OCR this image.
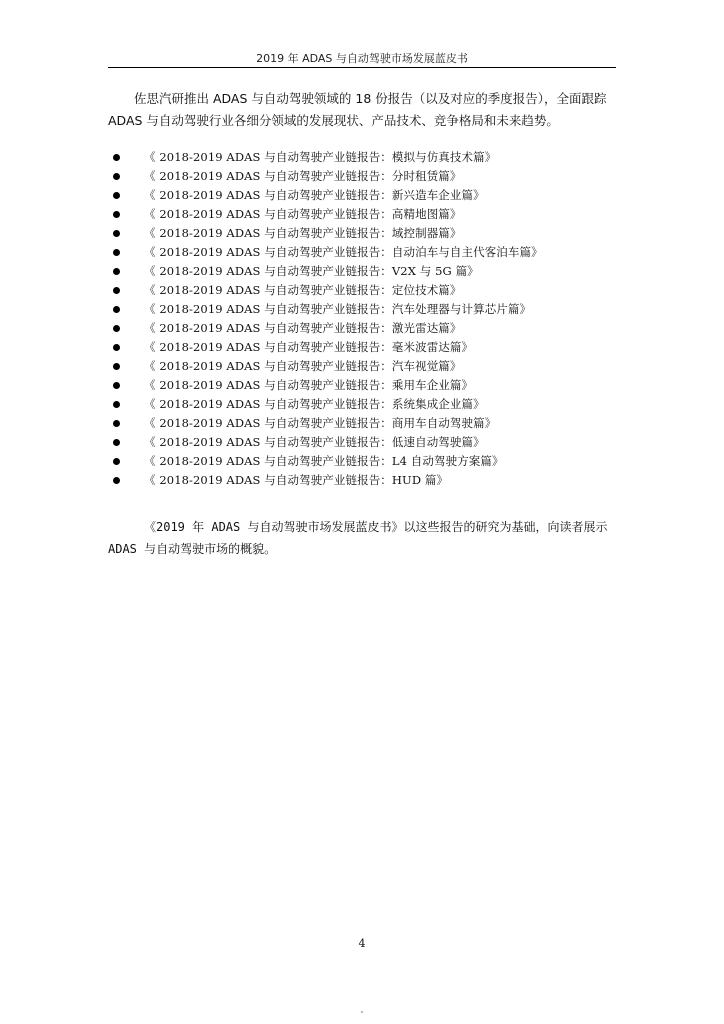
2019 年 ADAS 与自动驾驶市场发展蓝皮书

佐思汽研推出 ADAS 与自动驾驶领域的 18 份报告（以及对应的季度报告），全面跟踪 ADAS 与自动驾驶行业各细分领域的发展现状、产品技术、竞争格局和未来趋势。

《 2018-2019 ADAS 与自动驾驶产业链报告：模拟与仿真技术篇》
《 2018-2019 ADAS 与自动驾驶产业链报告：分时租赁篇》
《 2018-2019 ADAS 与自动驾驶产业链报告：新兴造车企业篇》
《 2018-2019 ADAS 与自动驾驶产业链报告：高精地图篇》
《 2018-2019 ADAS 与自动驾驶产业链报告：域控制器篇》
《 2018-2019 ADAS 与自动驾驶产业链报告：自动泊车与自主代客泊车篇》
《 2018-2019 ADAS 与自动驾驶产业链报告：V2X 与 5G 篇》
《 2018-2019 ADAS 与自动驾驶产业链报告：定位技术篇》
《 2018-2019 ADAS 与自动驾驶产业链报告：汽车处理器与计算芯片篇》
《 2018-2019 ADAS 与自动驾驶产业链报告：激光雷达篇》
《 2018-2019 ADAS 与自动驾驶产业链报告：毫米波雷达篇》
《 2018-2019 ADAS 与自动驾驶产业链报告：汽车视觉篇》
《 2018-2019 ADAS 与自动驾驶产业链报告：乘用车企业篇》
《 2018-2019 ADAS 与自动驾驶产业链报告：系统集成企业篇》
《 2018-2019 ADAS 与自动驾驶产业链报告：商用车自动驾驶篇》
《 2018-2019 ADAS 与自动驾驶产业链报告：低速自动驾驶篇》
《 2018-2019 ADAS 与自动驾驶产业链报告：L4 自动驾驶方案篇》
《 2018-2019 ADAS 与自动驾驶产业链报告：HUD 篇》

《2019 年 ADAS 与自动驾驶市场发展蓝皮书》以这些报告的研究为基础，向读者展示 ADAS 与自动驾驶市场的概貌。

4
"
